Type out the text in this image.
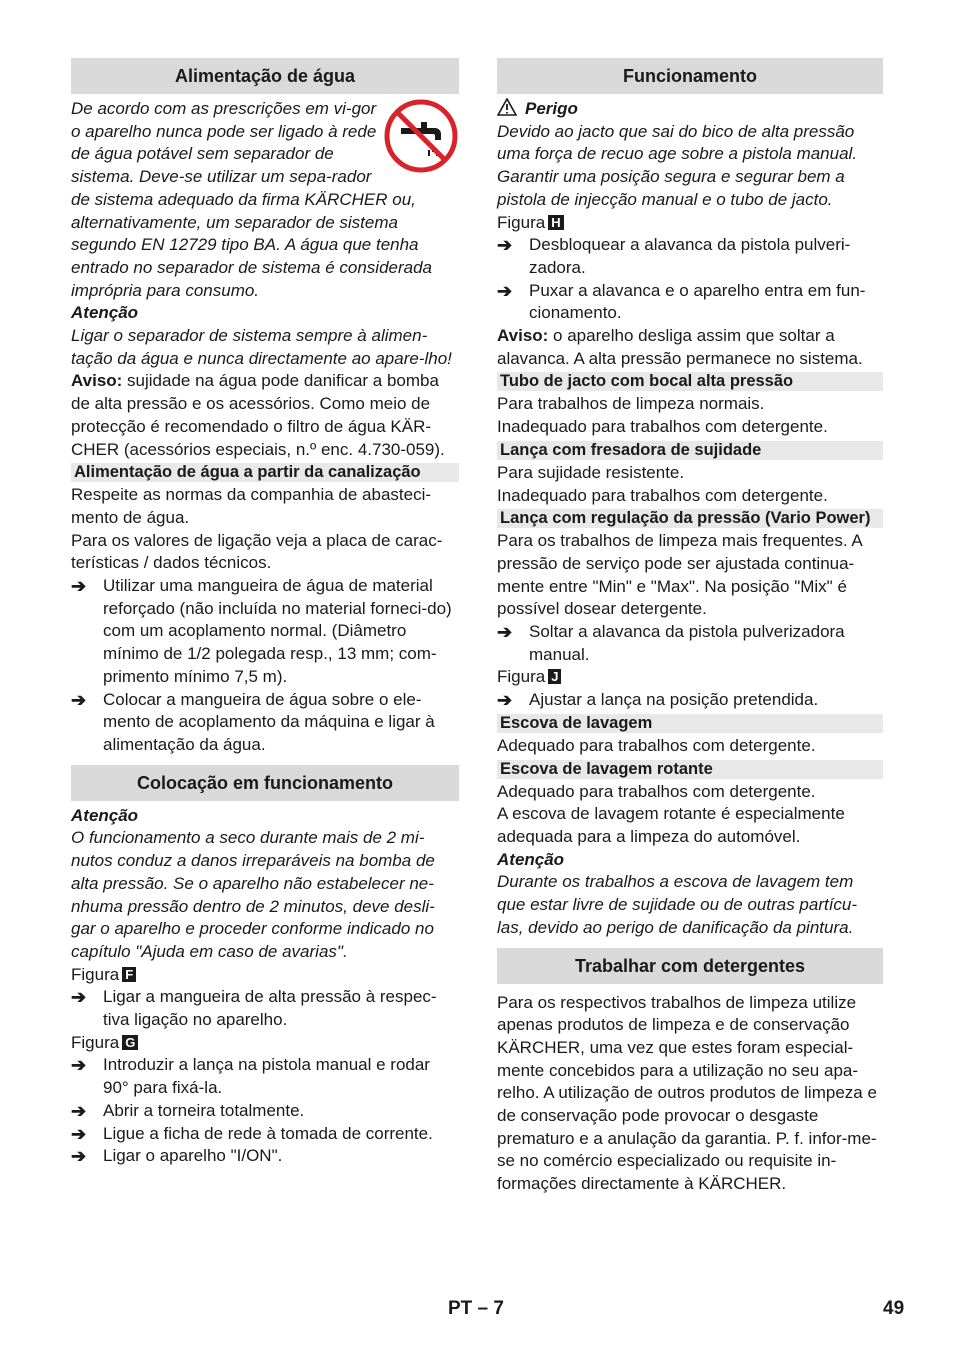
Alimentação de água

De acordo com as prescrições em vi-gor o aparelho nunca pode ser ligado à rede de água potável sem separador de sistema. Deve-se utilizar um sepa-rador de sistema adequado da firma KÄRCHER ou, alternativamente, um separador de sistema segundo EN 12729 tipo BA. A água que tenha entrado no separador de sistema é considerada imprópria para consumo.

Atenção

Ligar o separador de sistema sempre à alimen-tação da água e nunca directamente ao apare-lho!

Aviso: sujidade na água pode danificar a bomba de alta pressão e os acessórios. Como meio de protecção é recomendado o filtro de água KÄR-CHER (acessórios especiais, n.º enc. 4.730-059).

Alimentação de água a partir da canalização

Respeite as normas da companhia de abasteci-mento de água.

Para os valores de ligação veja a placa de carac-terísticas / dados técnicos.

➔ Utilizar uma mangueira de água de material reforçado (não incluída no material forneci-do) com um acoplamento normal. (Diâmetro mínimo de 1/2 polegada resp., 13 mm; com-primento mínimo 7,5 m).
➔ Colocar a mangueira de água sobre o ele-mento de acoplamento da máquina e ligar à alimentação da água.
Colocação em funcionamento

Atenção

O funcionamento a seco durante mais de 2 mi-nutos conduz a danos irreparáveis na bomba de alta pressão. Se o aparelho não estabelecer ne-nhuma pressão dentro de 2 minutos, deve desli-gar o aparelho e proceder conforme indicado no capítulo "Ajuda em caso de avarias".

Figura F

➔ Ligar a mangueira de alta pressão à respec-tiva ligação no aparelho.

Figura G

➔ Introduzir a lança na pistola manual e rodar 90° para fixá-la.
➔ Abrir a torneira totalmente.
➔ Ligue a ficha de rede à tomada de corrente.
➔ Ligar o aparelho "I/ON".
Funcionamento

Perigo

Devido ao jacto que sai do bico de alta pressão uma força de recuo age sobre a pistola manual. Garantir uma posição segura e segurar bem a pistola de injecção manual e o tubo de jacto.

Figura H

➔ Desbloquear a alavanca da pistola pulveri-zadora.
➔ Puxar a alavanca e o aparelho entra em fun-cionamento.

Aviso: o aparelho desliga assim que soltar a alavanca. A alta pressão permanece no sistema.

Tubo de jacto com bocal alta pressão

Para trabalhos de limpeza normais.

Inadequado para trabalhos com detergente.

Lança com fresadora de sujidade

Para sujidade resistente.

Inadequado para trabalhos com detergente.

Lança com regulação da pressão (Vario Power)

Para os trabalhos de limpeza mais frequentes. A pressão de serviço pode ser ajustada continua-mente entre "Min" e "Max". Na posição "Mix" é possível dosear detergente.

➔ Soltar a alavanca da pistola pulverizadora manual.

Figura J

➔ Ajustar a lança na posição pretendida.
Escova de lavagem

Adequado para trabalhos com detergente.

Escova de lavagem rotante

Adequado para trabalhos com detergente.

A escova de lavagem rotante é especialmente adequada para a limpeza do automóvel.

Atenção

Durante os trabalhos a escova de lavagem tem que estar livre de sujidade ou de outras partícu-las, devido ao perigo de danificação da pintura.

Trabalhar com detergentes

Para os respectivos trabalhos de limpeza utilize apenas produtos de limpeza e de conservação KÄRCHER, uma vez que estes foram especial-mente concebidos para a utilização no seu apa-relho. A utilização de outros produtos de limpeza e de conservação pode provocar o desgaste prematuro e a anulação da garantia. P. f. infor-me-se no comércio especializado ou requisite in-formações directamente à KÄRCHER.

PT – 7	49
